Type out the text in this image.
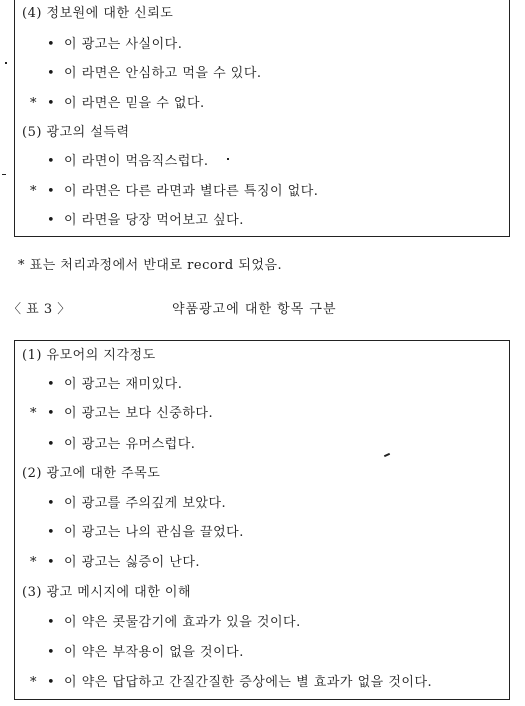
(4) 정보원에 대한 신뢰도
• 이 광고는 사실이다.
• 이 라면은 안심하고 먹을 수 있다.
* • 이 라면은 믿을 수 없다.
(5) 광고의 설득력
• 이 라면이 먹음직스럽다.
* • 이 라면은 다른 라면과 별다른 특징이 없다.
• 이 라면을 당장 먹어보고 싶다.
* 표는 처리과정에서 반대로 record 되었음.
〈 표 3 〉	약품광고에 대한 항목 구분
(1) 유모어의 지각정도
• 이 광고는 재미있다.
* • 이 광고는 보다 신중하다.
• 이 광고는 유머스럽다.
(2) 광고에 대한 주목도
• 이 광고를 주의깊게 보았다.
• 이 광고는 나의 관심을 끌었다.
* • 이 광고는 싫증이 난다.
(3) 광고 메시지에 대한 이해
• 이 약은 콧물감기에 효과가 있을 것이다.
• 이 약은 부작용이 없을 것이다.
* • 이 약은 답답하고 간질간질한 증상에는 별 효과가 없을 것이다.
